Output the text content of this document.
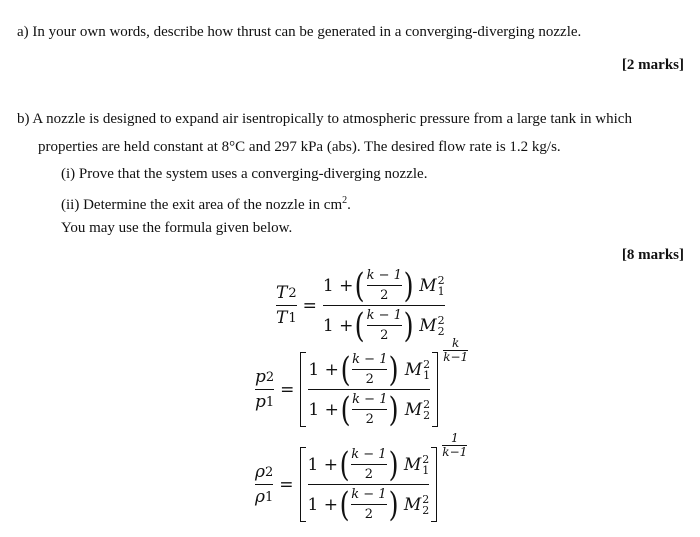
a) In your own words, describe how thrust can be generated in a converging-diverging nozzle.
[2 marks]
b) A nozzle is designed to expand air isentropically to atmospheric pressure from a large tank in which
properties are held constant at 8°C and 297 kPa (abs). The desired flow rate is 1.2 kg/s.
(i) Prove that the system uses a converging-diverging nozzle.
(ii) Determine the exit area of the nozzle in $cm^2$.
You may use the formula given below.
[8 marks]
$\frac{T 2}{T 1} = 1$ + ( $\frac{k - 1}{2}$ ) M 2
1
1 + ( $\frac{k - 1}{2}$ ) M 2
2
$\frac{p 2}{p 1}$ =
1 + ( $\frac{k - 1}{2}$ ) M 2
1
1 + ( $\frac{k - 1}{2}$ ) M 2
2
$\frac{k}{k-1}$
$\frac{\rho 2}{\rho 1}$ =
1 + ( $\frac{k - 1}{2}$ ) M 2
1
1 + ( $\frac{k - 1}{2}$ ) M 2
2
$\frac{1}{k-1}$
